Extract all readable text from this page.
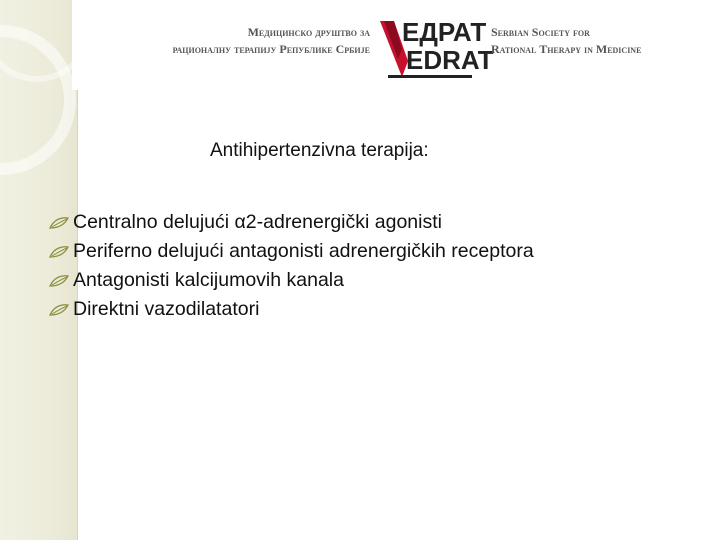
Медицинско друштво за
рационалну терапију Републике Србије
ЕДРАТ
EDRAT
Serbian Society for
Rational Therapy in Medicine
Antihipertenzivna terapija:
Centralno delujući α2-adrenergički agonisti
Periferno delujući antagonisti adrenergičkih receptora
Antagonisti kalcijumovih kanala
Direktni vazodilatatori
